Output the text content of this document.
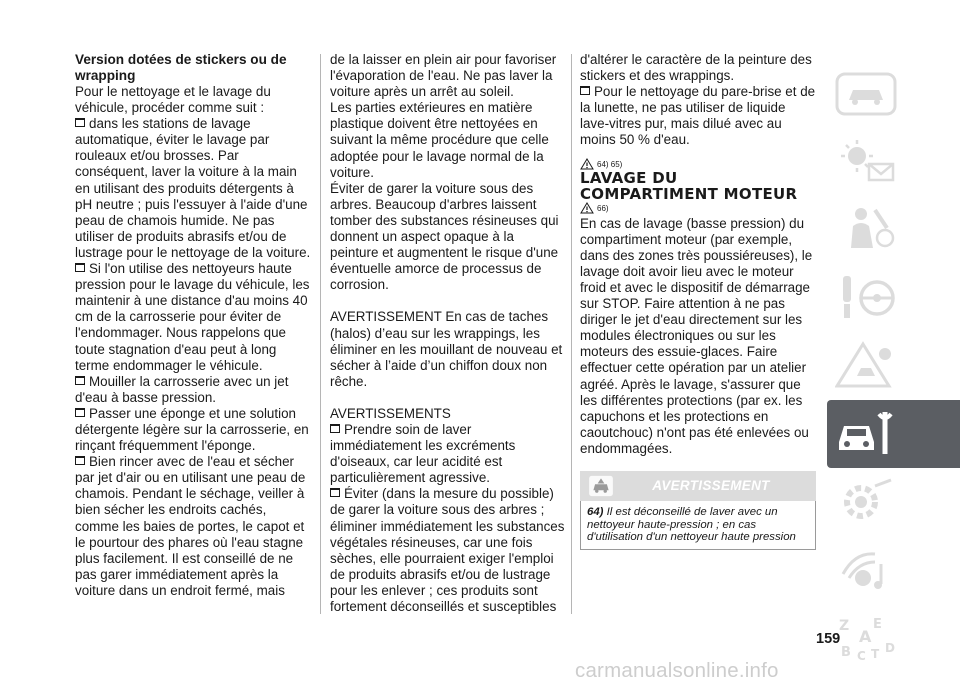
Version dotées de stickers ou de wrapping

Pour le nettoyage et le lavage du véhicule, procéder comme suit :

dans les stations de lavage automatique, éviter le lavage par rouleaux et/ou brosses. Par conséquent, laver la voiture à la main en utilisant des produits détergents à pH neutre ; puis l'essuyer à l'aide d'une peau de chamois humide. Ne pas utiliser de produits abrasifs et/ou de lustrage pour le nettoyage de la voiture.

Si l'on utilise des nettoyeurs haute pression pour le lavage du véhicule, les maintenir à une distance d'au moins 40 cm de la carrosserie pour éviter de l'endommager. Nous rappelons que toute stagnation d'eau peut à long terme endommager le véhicule.

Mouiller la carrosserie avec un jet d'eau à basse pression.

Passer une éponge et une solution détergente légère sur la carrosserie, en rinçant fréquemment l'éponge.

Bien rincer avec de l'eau et sécher par jet d'air ou en utilisant une peau de chamois. Pendant le séchage, veiller à bien sécher les endroits cachés, comme les baies de portes, le capot et le pourtour des phares où l'eau stagne plus facilement. Il est conseillé de ne pas garer immédiatement après la voiture dans un endroit fermé, mais

de la laisser en plein air pour favoriser l'évaporation de l'eau. Ne pas laver la voiture après un arrêt au soleil.

Les parties extérieures en matière plastique doivent être nettoyées en suivant la même procédure que celle adoptée pour le lavage normal de la voiture.

Éviter de garer la voiture sous des arbres. Beaucoup d'arbres laissent tomber des substances résineuses qui donnent un aspect opaque à la peinture et augmentent le risque d'une éventuelle amorce de processus de corrosion.

AVERTISSEMENT En cas de taches (halos) d’eau sur les wrappings, les éliminer en les mouillant de nouveau et sécher à l’aide d’un chiffon doux non rêche.

AVERTISSEMENTS

Prendre soin de laver immédiatement les excréments d'oiseaux, car leur acidité est particulièrement agressive.

Éviter (dans la mesure du possible) de garer la voiture sous des arbres ; éliminer immédiatement les substances végétales résineuses, car une fois sèches, elle pourraient exiger l'emploi de produits abrasifs et/ou de lustrage pour les enlever ; ces produits sont fortement déconseillés et susceptibles

d'altérer le caractère de la peinture des stickers et des wrappings.

Pour le nettoyage du pare-brise et de la lunette, ne pas utiliser de liquide lave-vitres pur, mais dilué avec au moins 50 % d'eau.

64) 65)

LAVAGE DU COMPARTIMENT MOTEUR

66)

En cas de lavage (basse pression) du compartiment moteur (par exemple, dans des zones très poussiéreuses), le lavage doit avoir lieu avec le moteur froid et avec le dispositif de démarrage sur STOP. Faire attention à ne pas diriger le jet d'eau directement sur les modules électroniques ou sur les moteurs des essuie-glaces. Faire effectuer cette opération par un atelier agréé. Après le lavage, s'assurer que les différentes protections (par ex. les capuchons et les protections en caoutchouc) n'ont pas été enlevées ou endommagées.

AVERTISSEMENT
64) Il est déconseillé de laver avec un nettoyeur haute-pression ; en cas d'utilisation d'un nettoyeur haute pression
159
carmanualsonline.info
Z E
B C T D
A
